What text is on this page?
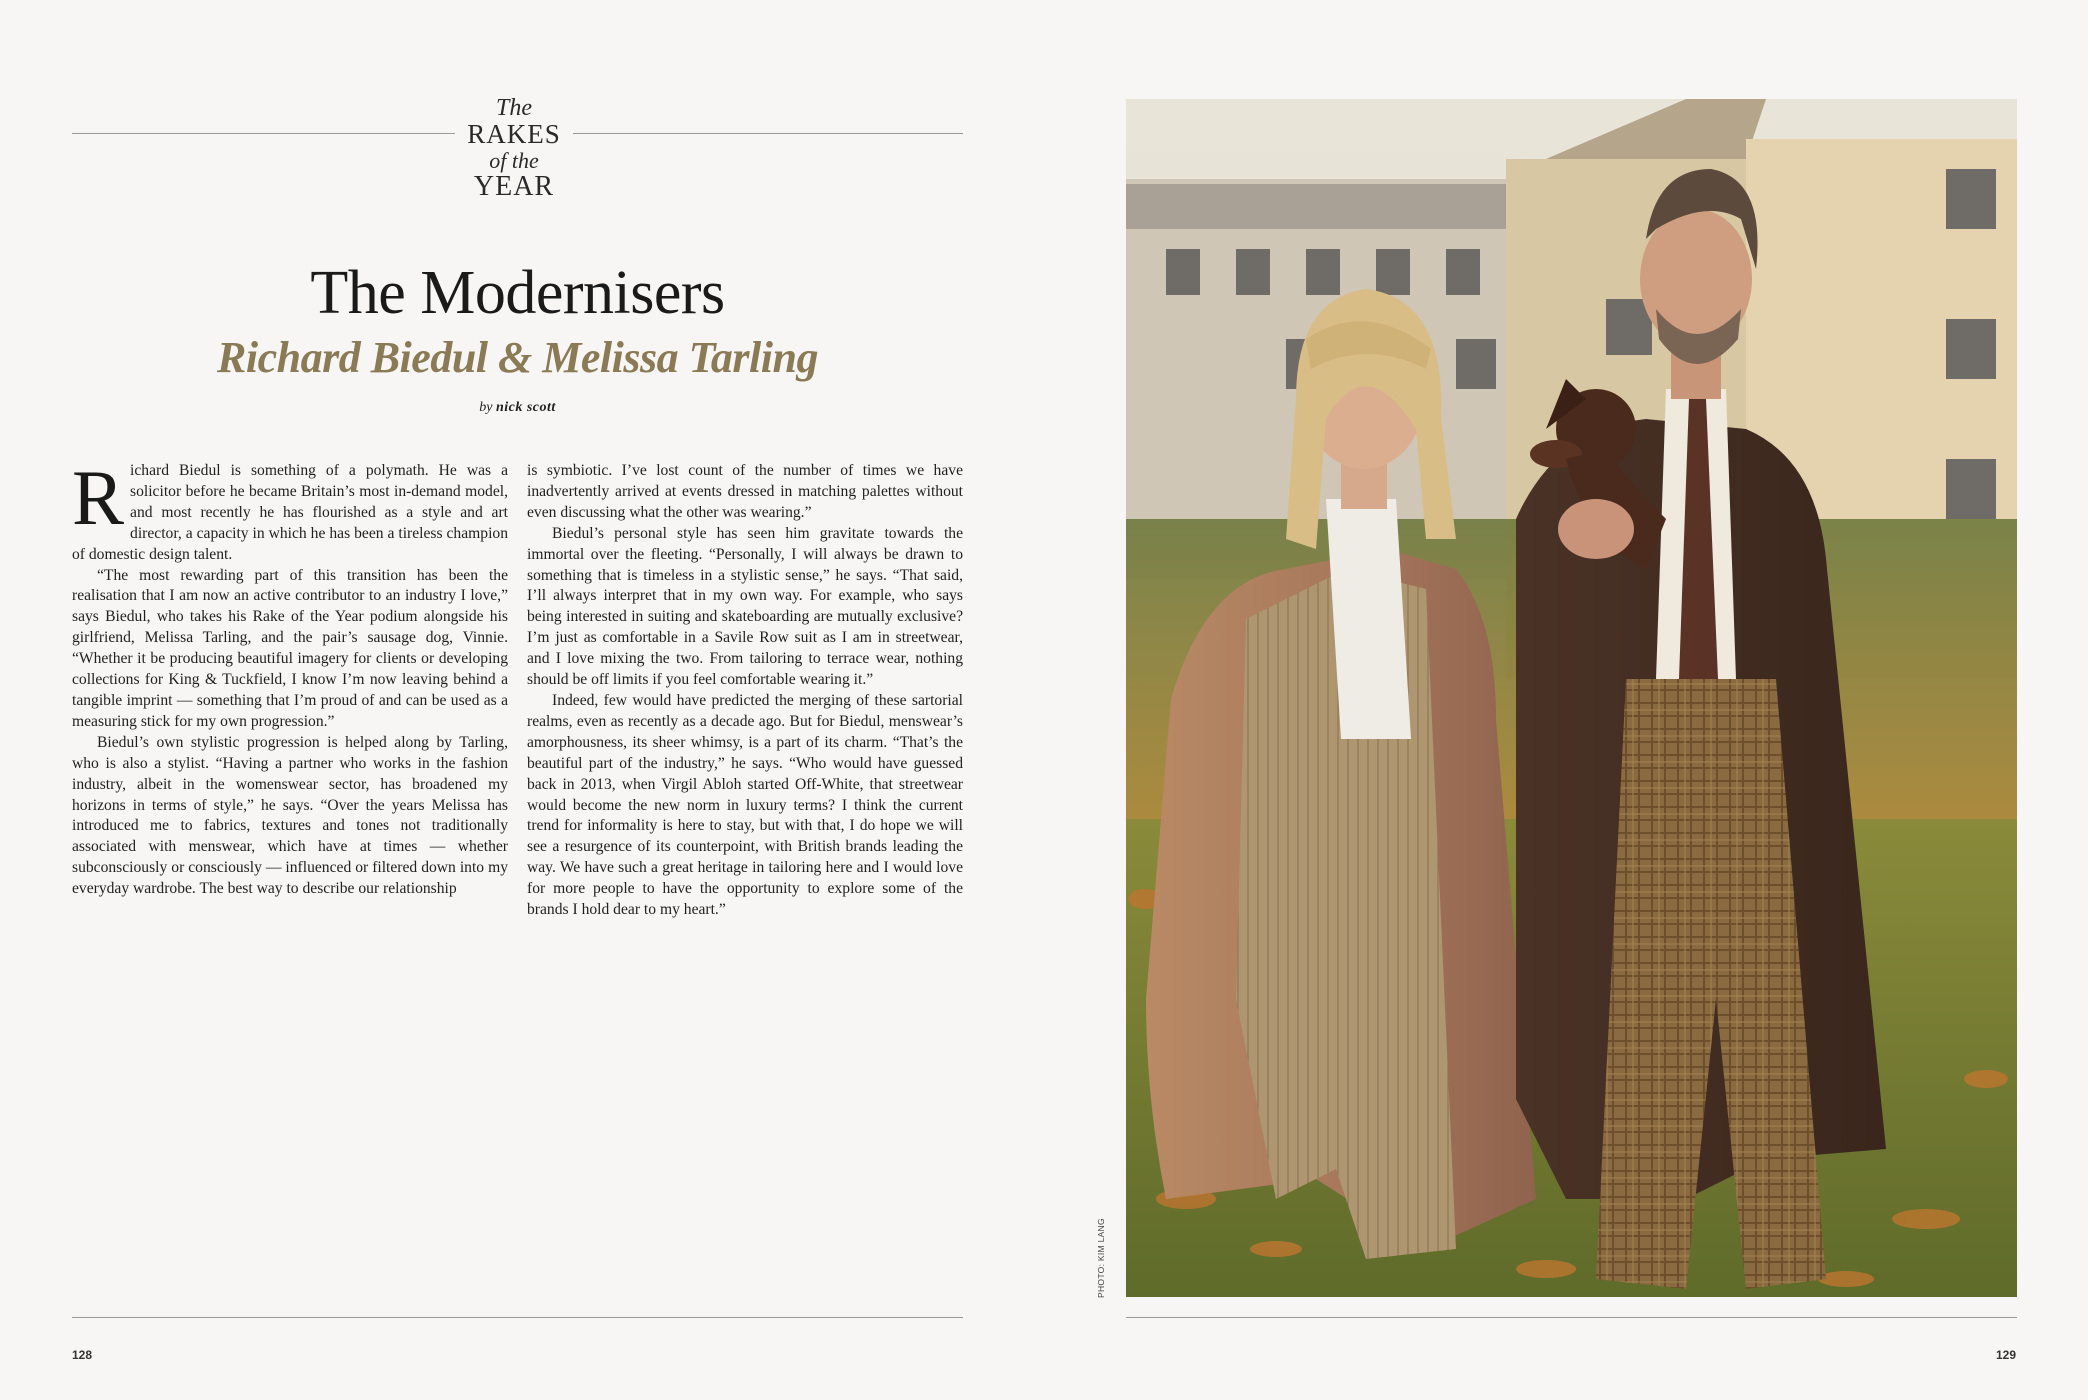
The
RAKES
of the
YEAR
The Modernisers
Richard Biedul & Melissa Tarling
by nick scott

Richard Biedul is something of a polymath. He was a solicitor before he became Britain’s most in-demand model, and most recently he has flourished as a style and art director, a capacity in which he has been a tireless champion of domestic design talent.

“The most rewarding part of this transition has been the realisation that I am now an active contributor to an industry I love,” says Biedul, who takes his Rake of the Year podium alongside his girlfriend, Melissa Tarling, and the pair’s sausage dog, Vinnie. “Whether it be producing beautiful imagery for clients or developing collections for King & Tuckfield, I know I’m now leaving behind a tangible imprint — something that I’m proud of and can be used as a measuring stick for my own progression.”

Biedul’s own stylistic progression is helped along by Tarling, who is also a stylist. “Having a partner who works in the fashion industry, albeit in the womenswear sector, has broadened my horizons in terms of style,” he says. “Over the years Melissa has introduced me to fabrics, textures and tones not traditionally associated with menswear, which have at times — whether subconsciously or consciously — influenced or filtered down into my everyday wardrobe. The best way to describe our relationship

is symbiotic. I’ve lost count of the number of times we have inadvertently arrived at events dressed in matching palettes without even discussing what the other was wearing.”

Biedul’s personal style has seen him gravitate towards the immortal over the fleeting. “Personally, I will always be drawn to something that is timeless in a stylistic sense,” he says. “That said, I’ll always interpret that in my own way. For example, who says being interested in suiting and skateboarding are mutually exclusive? I’m just as comfortable in a Savile Row suit as I am in streetwear, and I love mixing the two. From tailoring to terrace wear, nothing should be off limits if you feel comfortable wearing it.”

Indeed, few would have predicted the merging of these sartorial realms, even as recently as a decade ago. But for Biedul, menswear’s amorphousness, its sheer whimsy, is a part of its charm. “That’s the beautiful part of the industry,” he says. “Who would have guessed back in 2013, when Virgil Abloh started Off-White, that streetwear would become the new norm in luxury terms? I think the current trend for informality is here to stay, but with that, I do hope we will see a resurgence of its counterpoint, with British brands leading the way. We have such a great heritage in tailoring here and I would love for more people to have the opportunity to explore some of the brands I hold dear to my heart.”

PHOTO: KIM LANG
128	129
